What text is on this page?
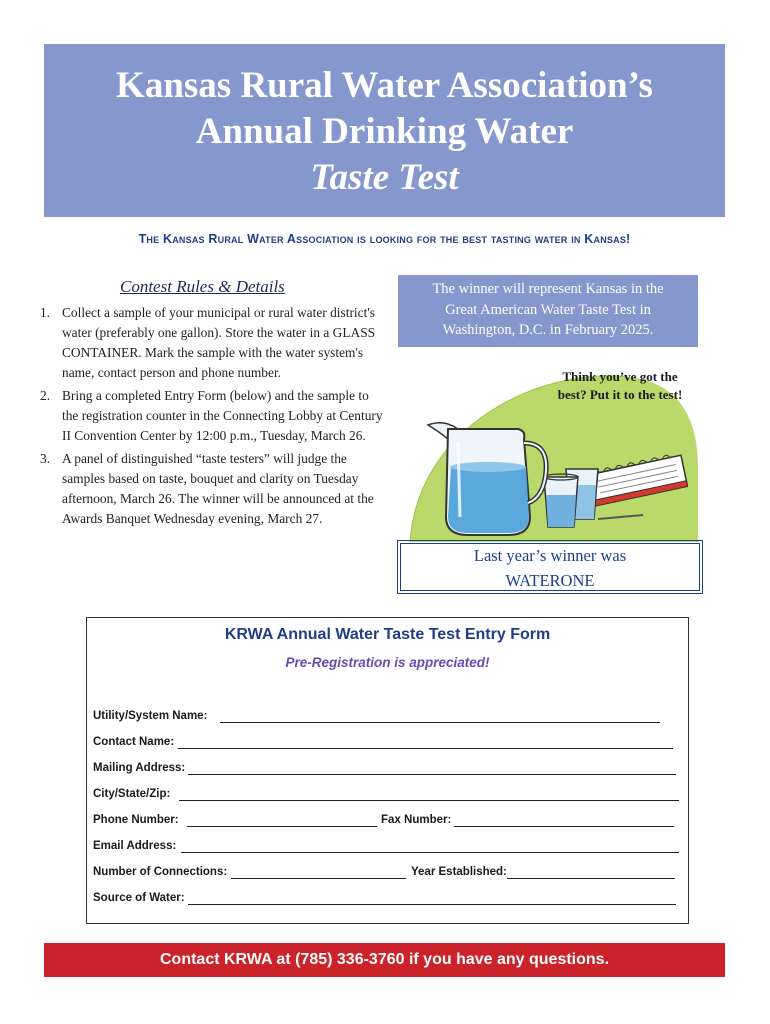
Kansas Rural Water Association’s
Annual Drinking Water
Taste Test
The Kansas Rural Water Association is looking for the best tasting water in Kansas!
Contest Rules & Details
1. Collect a sample of your municipal or rural water district's water (preferably one gallon). Store the water in a GLASS CONTAINER. Mark the sample with the water system's name, contact person and phone number.
2. Bring a completed Entry Form (below) and the sample to the registration counter in the Connecting Lobby at Century II Convention Center by 12:00 p.m., Tuesday, March 26.
3. A panel of distinguished “taste testers” will judge the samples based on taste, bouquet and clarity on Tuesday afternoon, March 26. The winner will be announced at the Awards Banquet Wednesday evening, March 27.
The winner will represent Kansas in the
Great American Water Taste Test in
Washington, D.C. in February 2025.
Think you’ve got the
best? Put it to the test!
Last year’s winner was
WATERONE
KRWA Annual Water Taste Test Entry Form
Pre-Registration is appreciated!
Utility/System Name:
Contact Name:
Mailing Address:
City/State/Zip:
Phone Number:	Fax Number:
Email Address:
Number of Connections:	Year Established:
Source of Water:
Contact KRWA at (785) 336-3760 if you have any questions.
